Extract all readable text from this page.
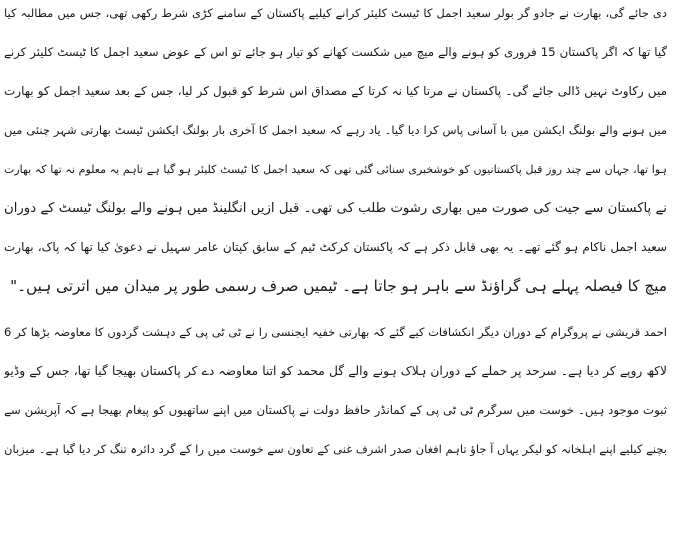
دی جائے گی، بھارت نے جادو گر بولر سعید اجمل کا ٹیسٹ کلیئر کرانے کیلیے پاکستان کے سامنے کڑی شرط رکھی تھی، جس میں مطالبہ کیا
گیا تھا کہ اگر پاکستان 15 فروری کو ہونے والے میچ میں شکست کھانے کو تیار ہو جائے تو اس کے عوض سعید اجمل کا ٹیسٹ کلیئر کرنے
میں رکاوٹ نہیں ڈالی جائے گی۔ پاکستان نے مرتا کیا نہ کرتا کے مصداق اس شرط کو قبول کر لیا، جس کے بعد سعید اجمل کو بھارت
میں ہونے والے بولنگ ایکشن میں با آسانی پاس کرا دیا گیا۔ یاد رہے کہ سعید اجمل کا آخری بار بولنگ ایکشن ٹیسٹ بھارتی شہر چنئی میں
ہوا تھا، جہاں سے چند روز قبل پاکستانیوں کو خوشخبری سنائی گئی تھی کہ سعید اجمل کا ٹیسٹ کلیئر ہو گیا ہے تاہم یہ معلوم نہ تھا کہ بھارت
نے پاکستان سے جیت کی صورت میں بھاری رشوت طلب کی تھی۔ قبل ازیں انگلینڈ میں ہونے والے بولنگ ٹیسٹ کے دوران
سعید اجمل ناکام ہو گئے تھے۔ یہ بھی قابل ذکر ہے کہ پاکستان کرکٹ ٹیم کے سابق کپتان عامر سہیل نے دعویٰ کیا تھا کہ پاک، بھارت
میچ کا فیصلہ پہلے ہی گراؤنڈ سے باہر ہو جاتا ہے۔ ٹیمیں صرف رسمی طور پر میدان میں اترتی ہیں۔"
احمد قریشی نے پروگرام کے دوران دیگر انکشافات کیے گئے کہ بھارتی خفیہ ایجنسی را نے ٹی ٹی پی کے دہشت گردوں کا معاوضہ بڑھا کر 6
لاکھ روپے کر دیا ہے۔ سرحد پر حملے کے دوران ہلاک ہونے والے گل محمد کو اتنا معاوضہ دے کر پاکستان بھیجا گیا تھا، جس کے وڈیو
ثبوت موجود ہیں۔ خوست میں سرگرم ٹی ٹی پی کے کمانڈر حافظ دولت نے پاکستان میں اپنے ساتھیوں کو پیغام بھیجا ہے کہ آپریشن سے
بچنے کیلیے اپنے اہلخانہ کو لیکر یہاں آ جاؤ تاہم افغان صدر اشرف غنی کے تعاون سے خوست میں را کے گرد دائرہ تنگ کر دیا گیا ہے۔ میزبان
